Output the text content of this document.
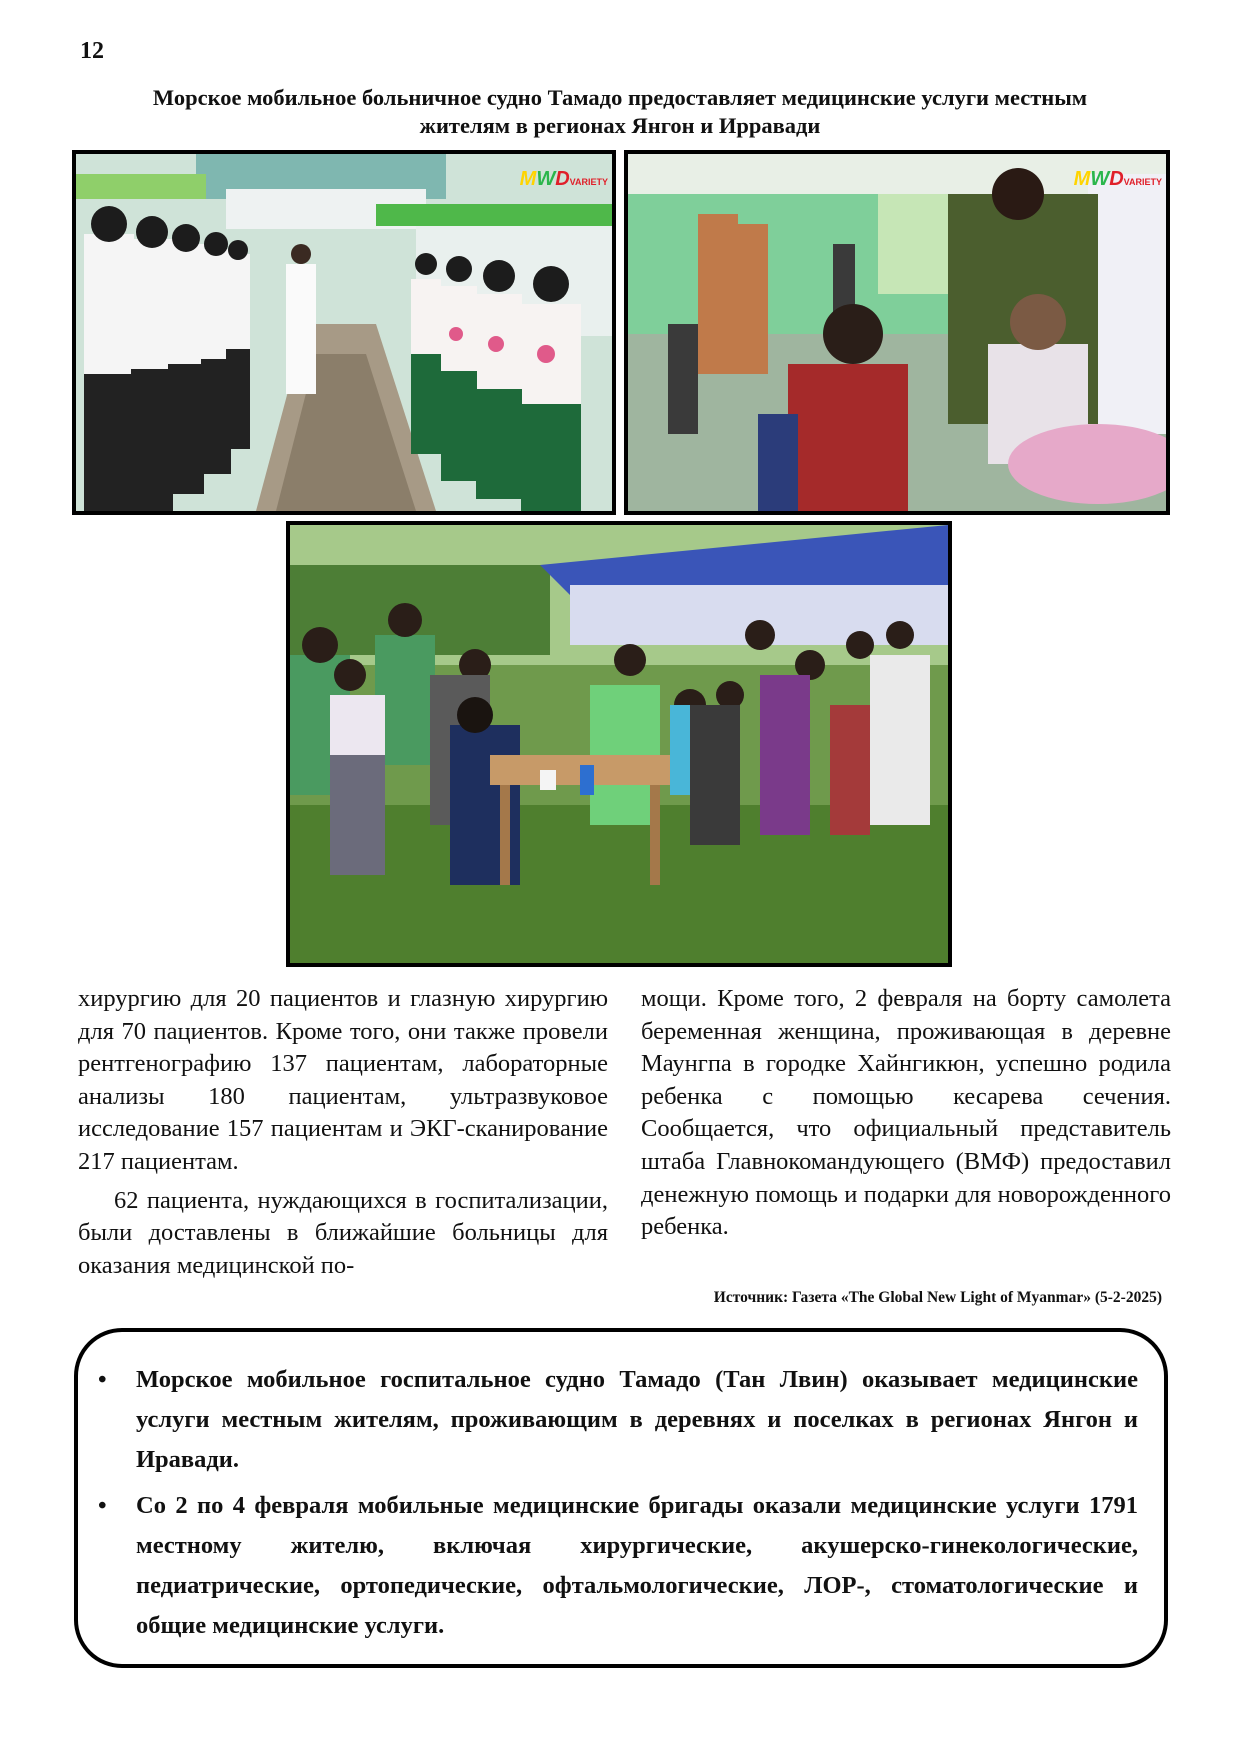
12
Морское мобильное больничное судно Тамадо предоставляет медицинские услуги местным
жителям в регионах Янгон и Ирравади
MWDVARIETY	MWDVARIETY

хирургию для 20 пациентов и глазную хирургию для 70 пациентов. Кроме того, они также провели рентгенографию 137 пациентам, лабораторные анализы 180 пациентам, ультразвуковое исследование 157 пациентам и ЭКГ-сканирование 217 пациентам.

62 пациента, нуждающихся в госпитализации, были доставлены в ближайшие больницы для оказания медицинской по-

мощи. Кроме того, 2 февраля на борту самолета беременная женщина, проживающая в деревне Маунгпа в городке Хайнгикюн, успешно родила ребенка с помощью кесарева сечения. Сообщается, что официальный представитель штаба Главнокомандующего (ВМФ) предоставил денежную помощь и подарки для новорожденного ребенка.

Источник: Газета «The Global New Light of Myanmar» (5-2-2025)
• Морское мобильное госпитальное судно Тамадо (Тан Лвин) оказывает медицинские услуги местным жителям, проживающим в деревнях и поселках в регионах Янгон и Иравади.
• Со 2 по 4 февраля мобильные медицинские бригады оказали медицинские услуги 1791 местному жителю, включая хирургические, акушерско-гинекологические, педиатрические, ортопедические, офтальмологические, ЛОР-, стоматологические и общие медицинские услуги.
